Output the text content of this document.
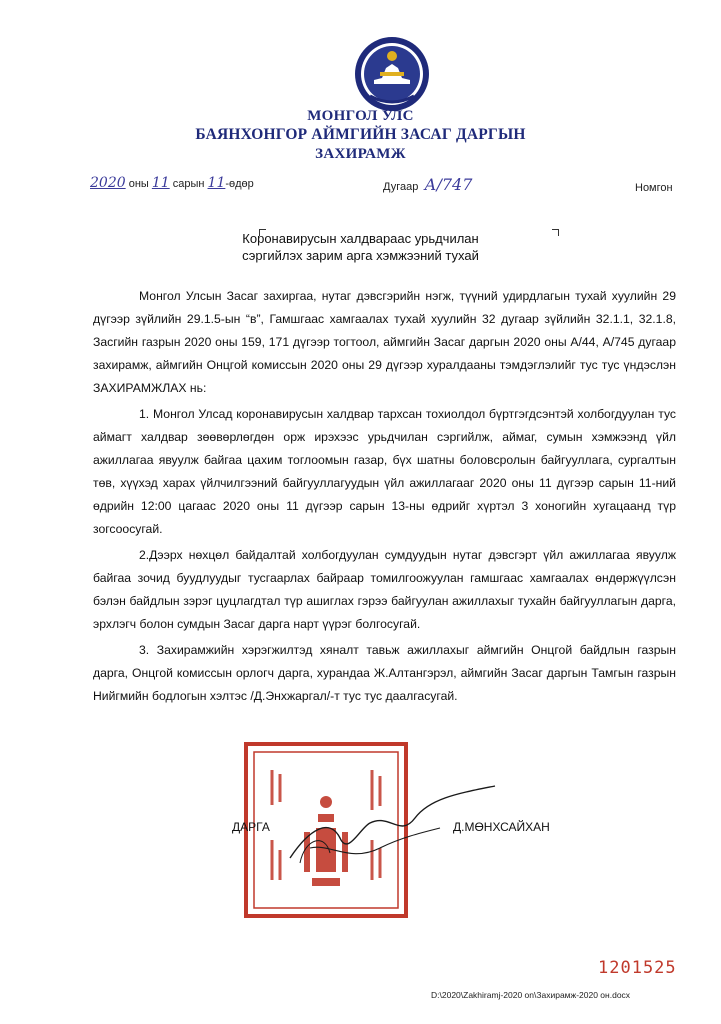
МОНГОЛ УЛС
БАЯНХОНГОР АЙМГИЙН ЗАСАГ ДАРГЫН
ЗАХИРАМЖ
2020 оны 11 сарын 11-өдөр	Дугаар А/747	Номгон
Коронавирусын халдвараас урьдчилан
сэргийлэх зарим арга хэмжээний тухай

Монгол Улсын Засаг захиргаа, нутаг дэвсгэрийн нэгж, түүний удирдлагын тухай хуулийн 29 дүгээр зүйлийн 29.1.5-ын “в”, Гамшгаас хамгаалах тухай хуулийн 32 дугаар зүйлийн 32.1.1, 32.1.8, Засгийн газрын 2020 оны 159, 171 дүгээр тогтоол, аймгийн Засаг даргын 2020 оны А/44, А/745 дугаар захирамж, аймгийн Онцгой комиссын 2020 оны 29 дүгээр хуралдааны тэмдэглэлийг тус тус үндэслэн ЗАХИРАМЖЛАХ нь:

1. Монгол Улсад коронавирусын халдвар тархсан тохиолдол бүртгэгдсэнтэй холбогдуулан тус аймагт халдвар зөөвөрлөгдөн орж ирэхээс урьдчилан сэргийлж, аймаг, сумын хэмжээнд үйл ажиллагаа явуулж байгаа цахим тоглоомын газар, бүх шатны боловсролын байгууллага, сургалтын төв, хүүхэд харах үйлчилгээний байгууллагуудын үйл ажиллагааг 2020 оны 11 дүгээр сарын 11-ний өдрийн 12:00 цагаас 2020 оны 11 дүгээр сарын 13-ны өдрийг хүртэл 3 хоногийн хугацаанд түр зогсоосугай.

2.Дээрх нөхцөл байдалтай холбогдуулан сумдуудын нутаг дэвсгэрт үйл ажиллагаа явуулж байгаа зочид буудлуудыг тусгаарлах байраар томилгоожуулан гамшгаас хамгаалах өндөржүүлсэн бэлэн байдлын зэрэг цуцлагдтал түр ашиглах гэрээ байгуулан ажиллахыг тухайн байгууллагын дарга, эрхлэгч болон сумдын Засаг дарга нарт үүрэг болгосугай.

3. Захирамжийн хэрэгжилтэд хяналт тавьж ажиллахыг аймгийн Онцгой байдлын газрын дарга, Онцгой комиссын орлогч дарга, хурандаа Ж.Алтангэрэл, аймгийн Засаг даргын Тамгын газрын Нийгмийн бодлогын хэлтэс /Д.Энхжаргал/-т тус тус даалгасугай.

ДАРГА	Д.МӨНХСАЙХАН
1201525
D:\2020\Zakhiramj-2020 on\Захирамж-2020 он.docx
